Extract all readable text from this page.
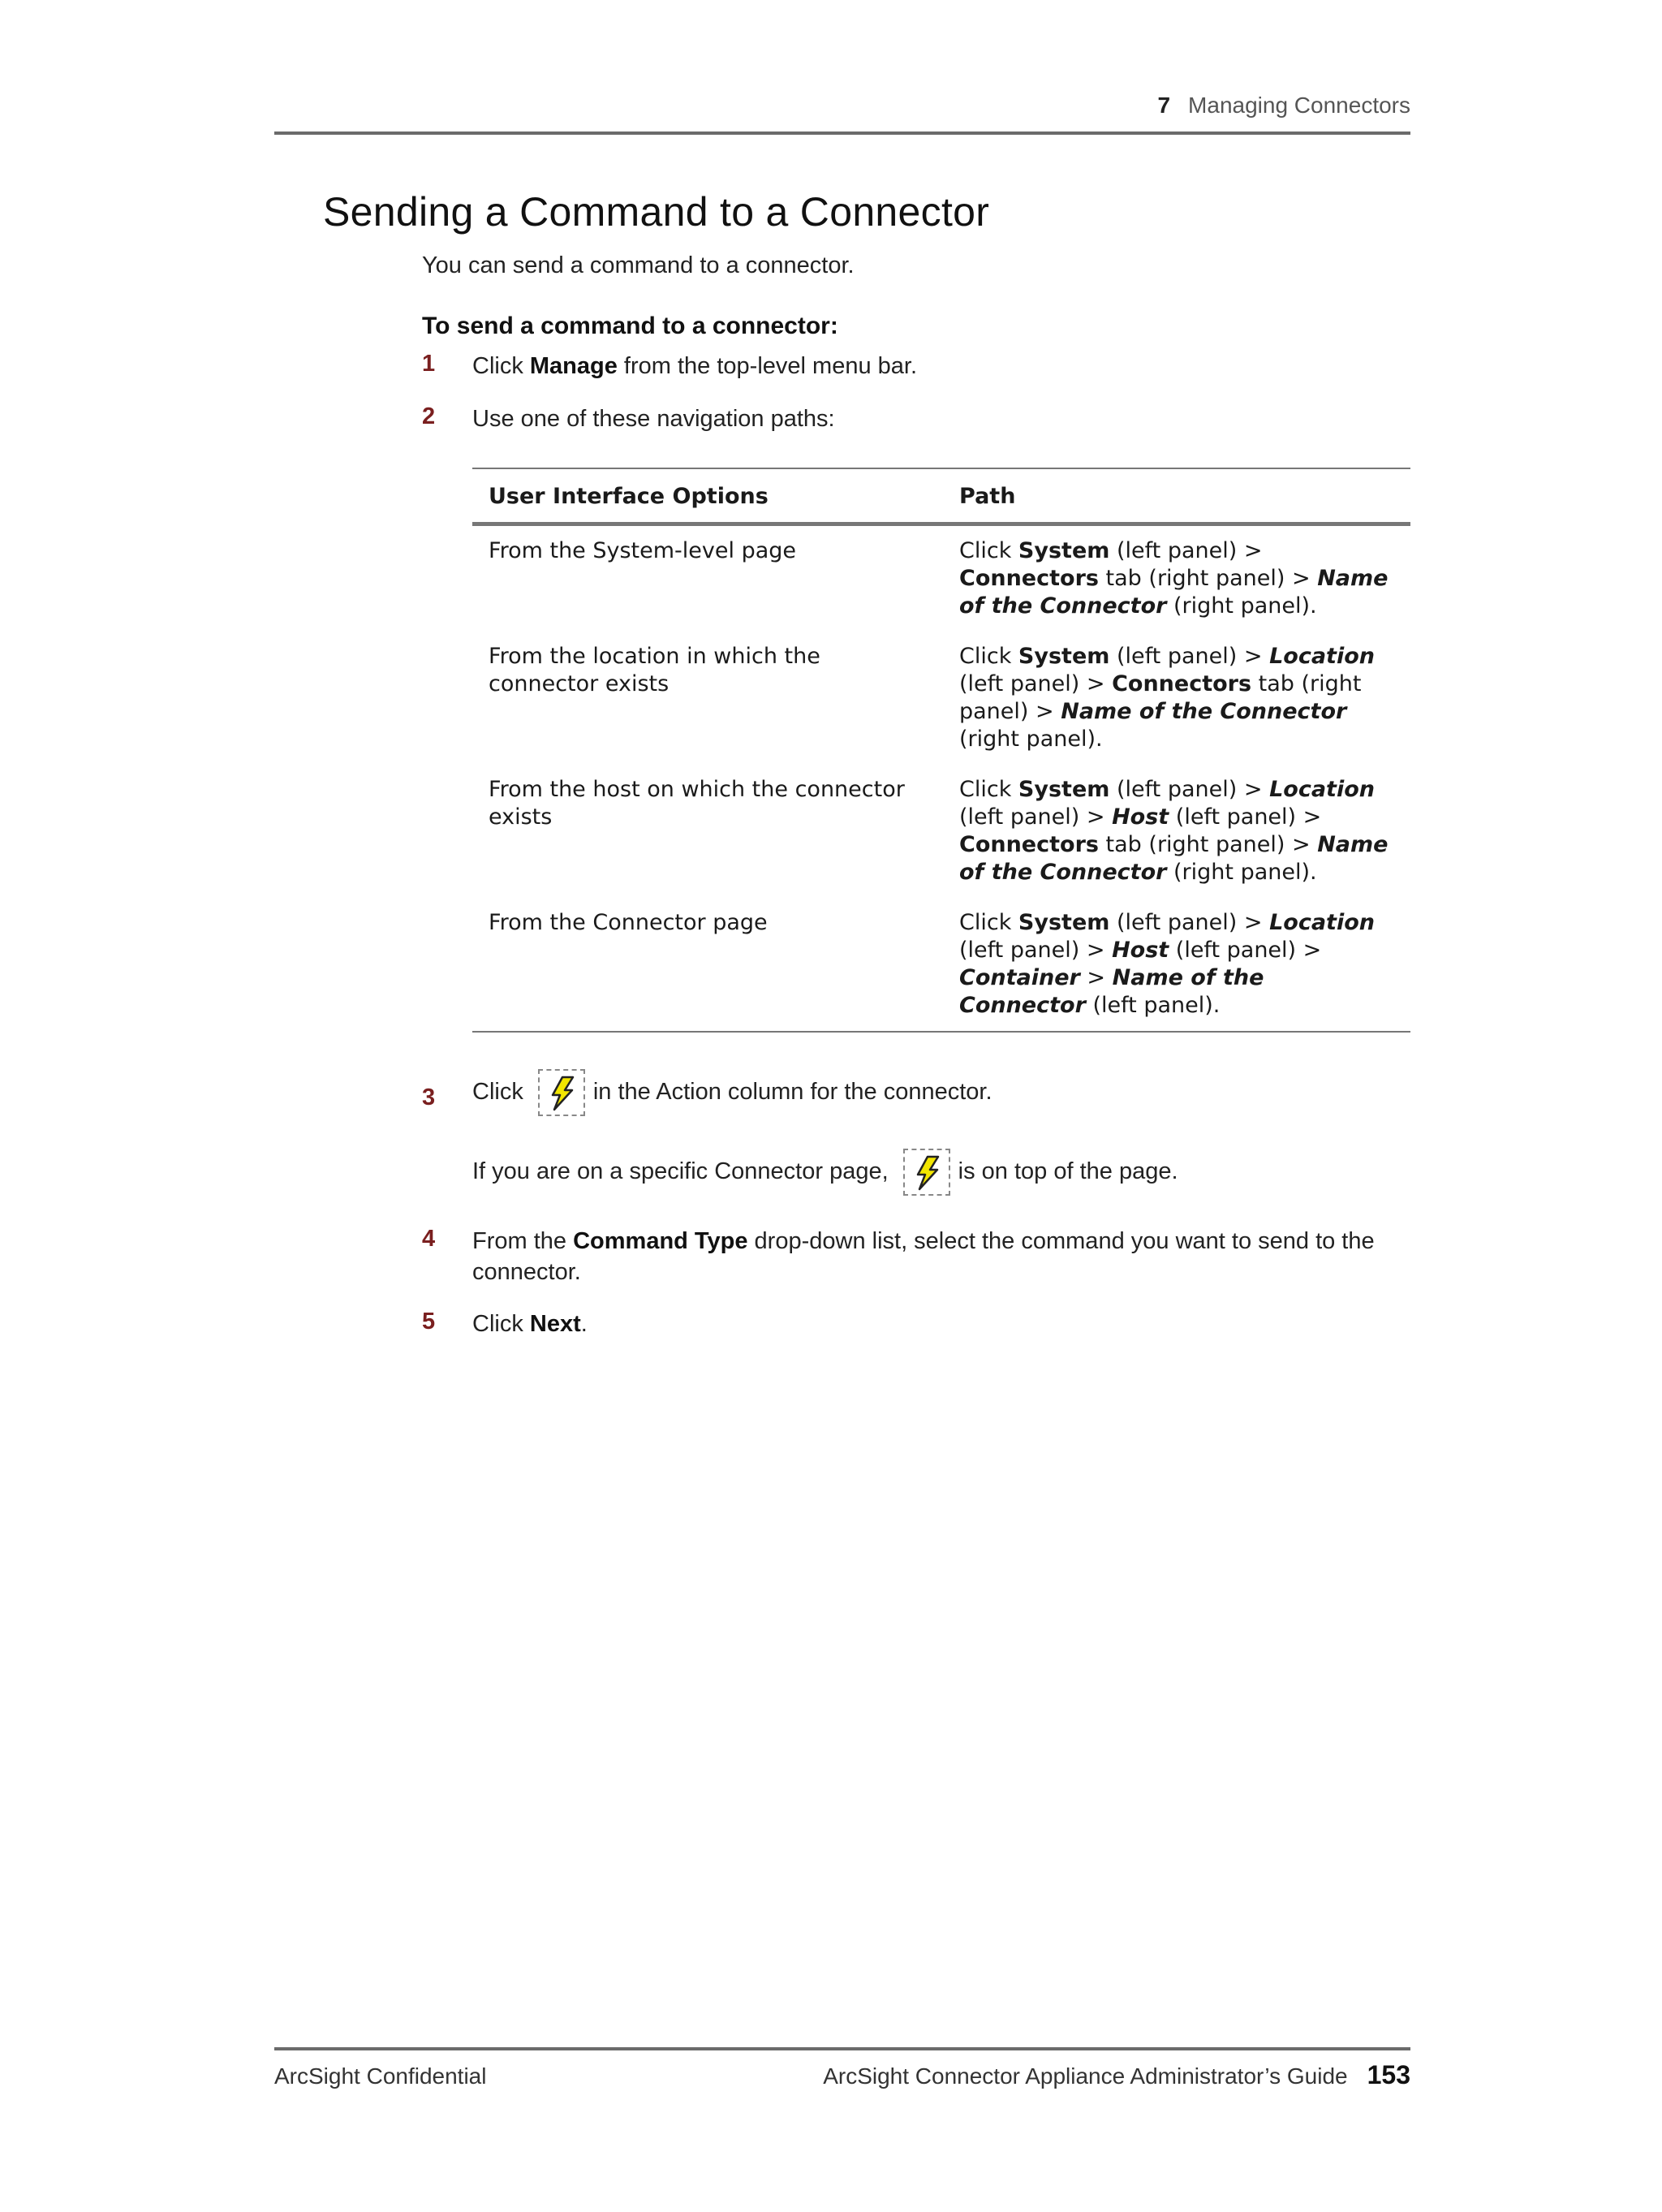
7 Managing Connectors
Sending a Command to a Connector

You can send a command to a connector.

To send a command to a connector:

1	Click Manage from the top-level menu bar.
2	Use one of these navigation paths:
User Interface Options	Path
From the System-level page	Click System (left panel) > Connectors tab (right panel) > Name of the Connector (right panel).
From the location in which the connector exists	Click System (left panel) > Location (left panel) > Connectors tab (right panel) > Name of the Connector (right panel).
From the host on which the connector exists	Click System (left panel) > Location (left panel) > Host (left panel) > Connectors tab (right panel) > Name of the Connector (right panel).
From the Connector page	Click System (left panel) > Location (left panel) > Host (left panel) > Container > Name of the Connector (left panel).
3	Click	in the Action column for the connector.
If you are on a specific Connector page,	is on top of the page.
4	From the Command Type drop-down list, select the command you want to send to the connector.
5	Click Next.
ArcSight Confidential	ArcSight Connector Appliance Administrator’s Guide 153
